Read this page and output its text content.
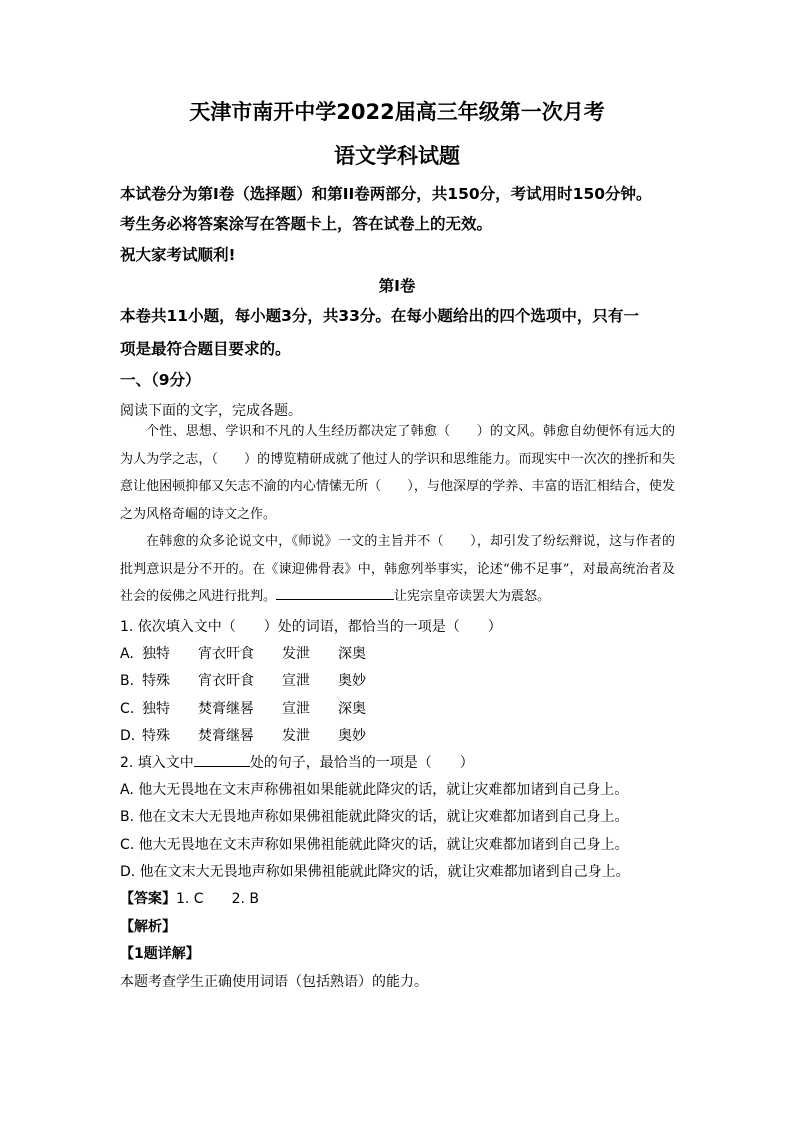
天津市南开中学2022届高三年级第一次月考
语文学科试题
本试卷分为第I卷（选择题）和第II卷两部分，共150分，考试用时150分钟。
考生务必将答案涂写在答题卡上，答在试卷上的无效。
祝大家考试顺利!
第I卷
本卷共11小题，每小题3分，共33分。在每小题给出的四个选项中，只有一
项是最符合题目要求的。
一、（9分）
阅读下面的文字，完成各题。

个性、思想、学识和不凡的人生经历都决定了韩愈（　　）的文风。韩愈自幼便怀有远大的为人为学之志，（　　）的博览精研成就了他过人的学识和思维能力。而现实中一次次的挫折和失意让他困顿抑郁又矢志不渝的内心情愫无所（　　），与他深厚的学养、丰富的语汇相结合，使发之为风格奇崛的诗文之作。

在韩愈的众多论说文中，《师说》一文的主旨并不（　　），却引发了纷纭辩说，这与作者的批判意识是分不开的。在《谏迎佛骨表》中，韩愈列举事实，论述“佛不足事”，对最高统治者及社会的佞佛之风进行批判。	让宪宗皇帝读罢大为震怒。

1. 依次填入文中（　　）处的词语，都恰当的一项是（　　）
A. 独特 宵衣旰食 发泄 深奥
B. 特殊 宵衣旰食 宣泄 奥妙
C. 独特 焚膏继晷 宣泄 深奥
D. 特殊 焚膏继晷 发泄 奥妙
2. 填入文中	处的句子，最恰当的一项是（　　）
A. 他大无畏地在文末声称佛祖如果能就此降灾的话，就让灾难都加诸到自己身上。
B. 他在文末大无畏地声称如果佛祖能就此降灾的话，就让灾难都加诸到自己身上。
C. 他大无畏地在文末声称如果佛祖能就此降灾的话，就让灾难都加诸到自己身上。
D. 他在文末大无畏地声称如果佛祖能就此降灾的话，就让灾难都加诸到自己身上。
【答案】1. C　　2. B
【解析】
【1题详解】
本题考查学生正确使用词语（包括熟语）的能力。
